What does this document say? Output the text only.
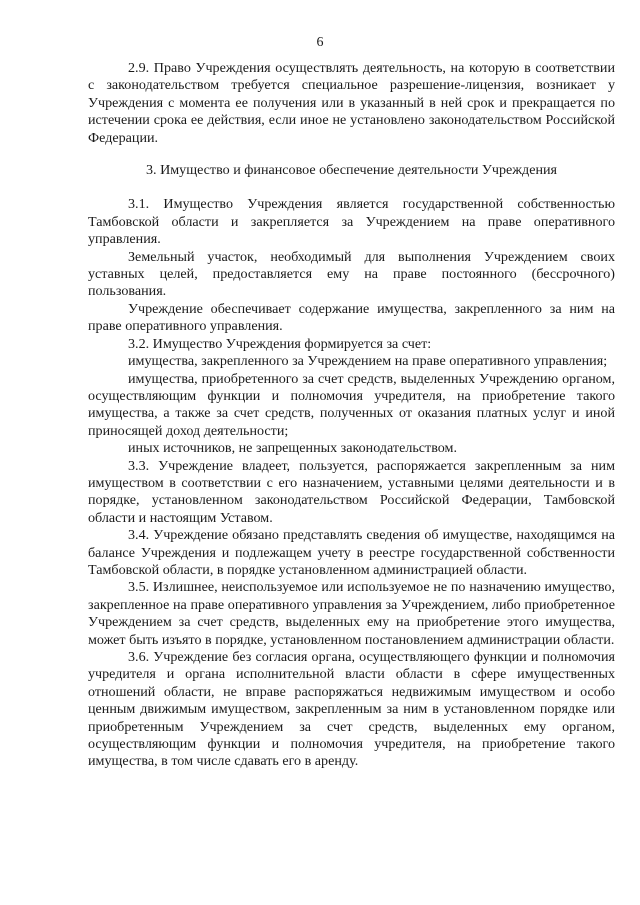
6

2.9. Право Учреждения осуществлять деятельность, на которую в соответствии с законодательством требуется специальное разрешение-лицензия, возникает у Учреждения с момента ее получения или в указанный в ней срок и прекращается по истечении срока ее действия, если иное не установлено законодательством Российской Федерации.

3. Имущество и финансовое обеспечение деятельности Учреждения

3.1. Имущество Учреждения является государственной собственностью Тамбовской области и закрепляется за Учреждением на праве оперативного управления.

Земельный участок, необходимый для выполнения Учреждением своих уставных целей, предоставляется ему на праве постоянного (бессрочного) пользования.

Учреждение обеспечивает содержание имущества, закрепленного за ним на праве оперативного управления.

3.2. Имущество Учреждения формируется за счет:

имущества, закрепленного за Учреждением на праве оперативного управления;

имущества, приобретенного за счет средств, выделенных Учреждению органом, осуществляющим функции и полномочия учредителя, на приобретение такого имущества, а также за счет средств, полученных от оказания платных услуг и иной приносящей доход деятельности;

иных источников, не запрещенных законодательством.

3.3. Учреждение владеет, пользуется, распоряжается закрепленным за ним имуществом в соответствии с его назначением, уставными целями деятельности и в порядке, установленном законодательством Российской Федерации, Тамбовской области и настоящим Уставом.

3.4. Учреждение обязано представлять сведения об имуществе, находящимся на балансе Учреждения и подлежащем учету в реестре государственной собственности Тамбовской области, в порядке установленном администрацией области.

3.5. Излишнее, неиспользуемое или используемое не по назначению имущество, закрепленное на праве оперативного управления за Учреждением, либо приобретенное Учреждением за счет средств, выделенных ему на приобретение этого имущества, может быть изъято в порядке, установленном постановлением администрации области.

3.6. Учреждение без согласия органа, осуществляющего функции и полномочия учредителя и органа исполнительной власти области в сфере имущественных отношений области, не вправе распоряжаться недвижимым имуществом и особо ценным движимым имуществом, закрепленным за ним в установленном порядке или приобретенным Учреждением за счет средств, выделенных ему органом, осуществляющим функции и полномочия учредителя, на приобретение такого имущества, в том числе сдавать его в аренду.
